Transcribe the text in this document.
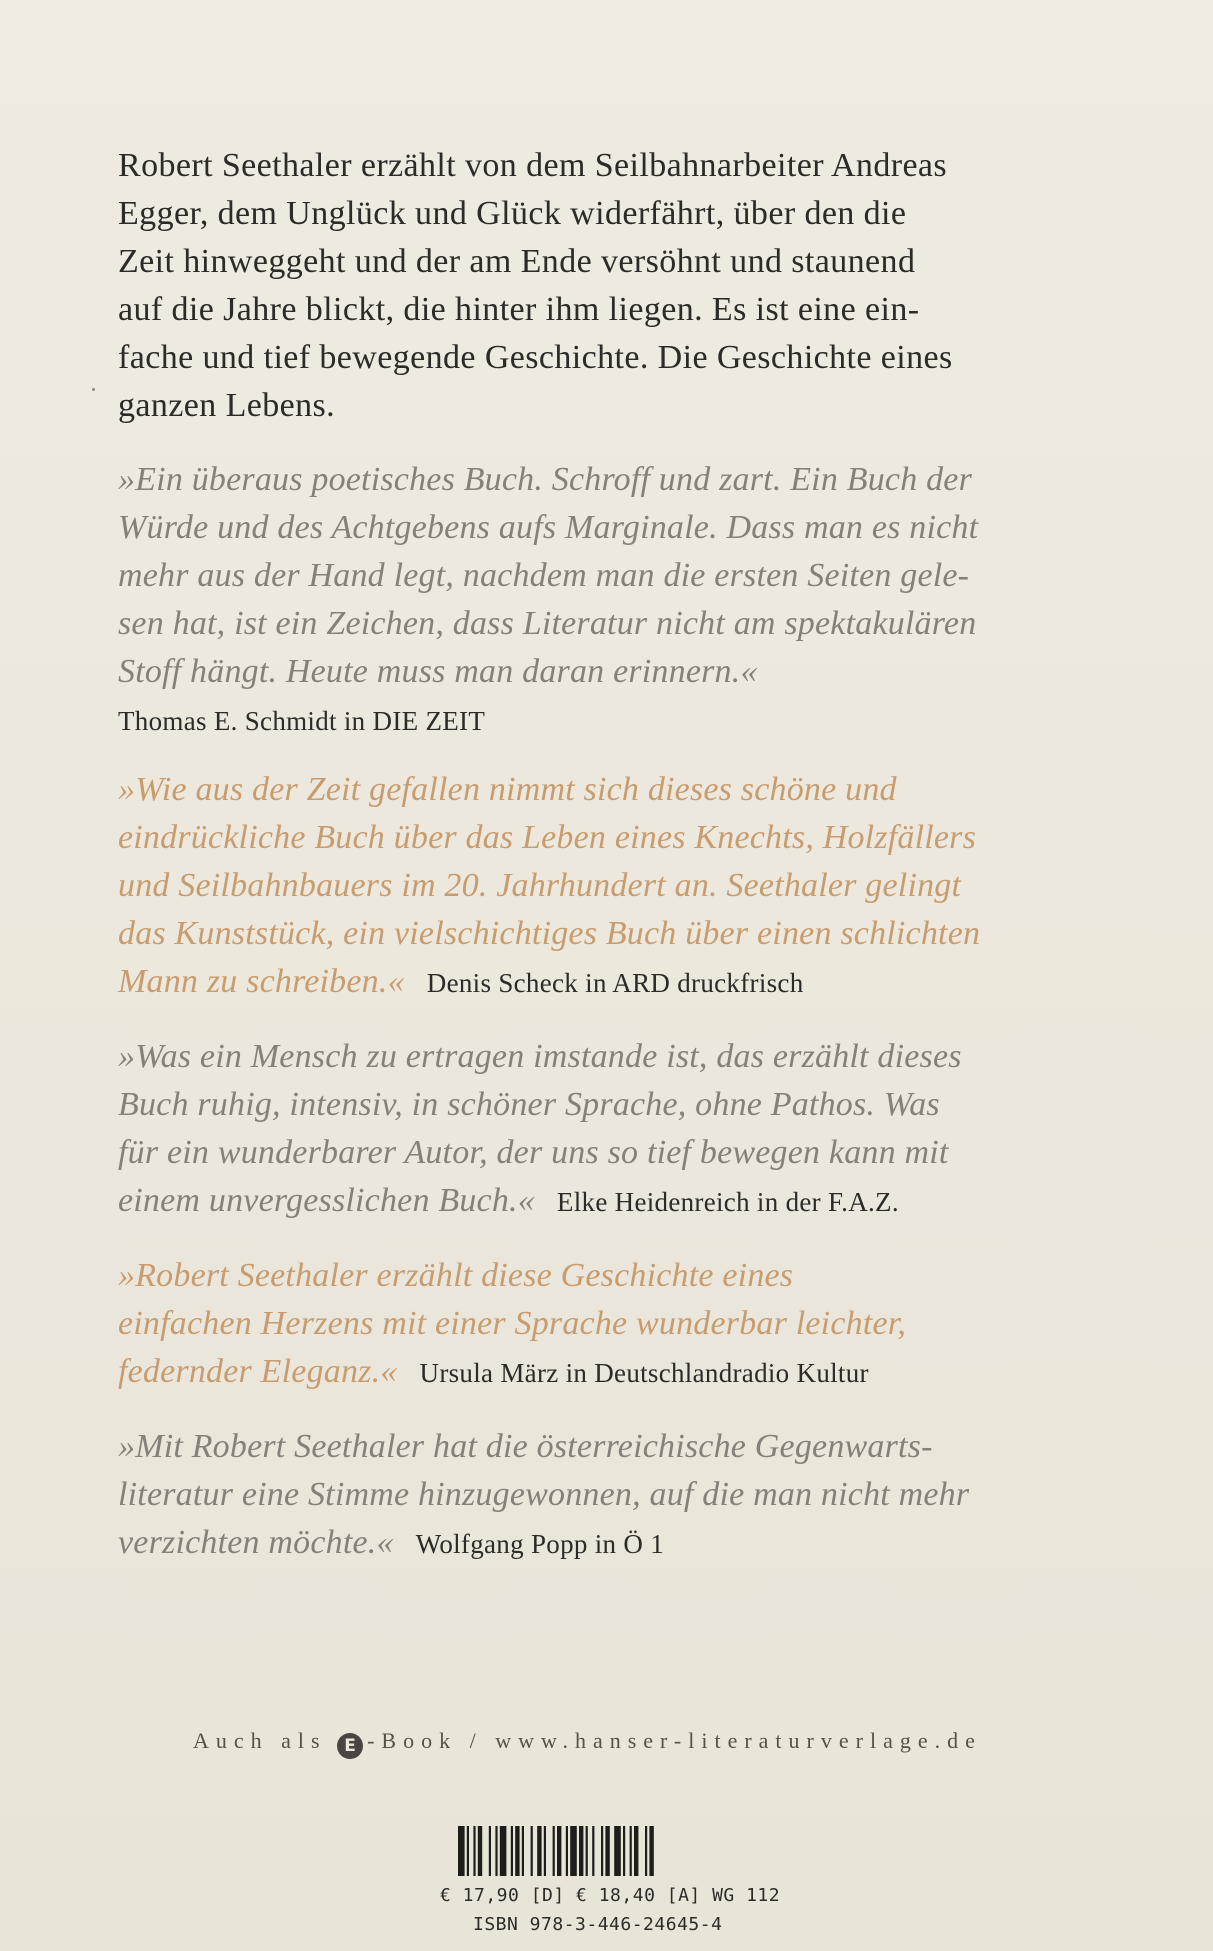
Robert Seethaler erzählt von dem Seilbahnarbeiter Andreas
Egger, dem Unglück und Glück widerfährt, über den die
Zeit hinweggeht und der am Ende versöhnt und staunend
auf die Jahre blickt, die hinter ihm liegen. Es ist eine ein-
fache und tief bewegende Geschichte. Die Geschichte eines
ganzen Lebens.

»Ein überaus poetisches Buch. Schroff und zart. Ein Buch der
Würde und des Achtgebens aufs Marginale. Dass man es nicht
mehr aus der Hand legt, nachdem man die ersten Seiten gele-
sen hat, ist ein Zeichen, dass Literatur nicht am spektakulären
Stoff hängt. Heute muss man daran erinnern.«
Thomas E. Schmidt in DIE ZEIT

»Wie aus der Zeit gefallen nimmt sich dieses schöne und
eindrückliche Buch über das Leben eines Knechts, Holzfällers
und Seilbahnbauers im 20. Jahrhundert an. Seethaler gelingt
das Kunststück, ein vielschichtiges Buch über einen schlichten
Mann zu schreiben.« Denis Scheck in ARD druckfrisch

»Was ein Mensch zu ertragen imstande ist, das erzählt dieses
Buch ruhig, intensiv, in schöner Sprache, ohne Pathos. Was
für ein wunderbarer Autor, der uns so tief bewegen kann mit
einem unvergesslichen Buch.« Elke Heidenreich in der F.A.Z.

»Robert Seethaler erzählt diese Geschichte eines
einfachen Herzens mit einer Sprache wunderbar leichter,
federnder Eleganz.« Ursula März in Deutschlandradio Kultur

»Mit Robert Seethaler hat die österreichische Gegenwarts-
literatur eine Stimme hinzugewonnen, auf die man nicht mehr
verzichten möchte.« Wolfgang Popp in Ö 1

Auch als E -Book / www.hanser-literaturverlage.de
€ 17,90 [D] € 18,40 [A] WG 112
ISBN 978-3-446-24645-4
